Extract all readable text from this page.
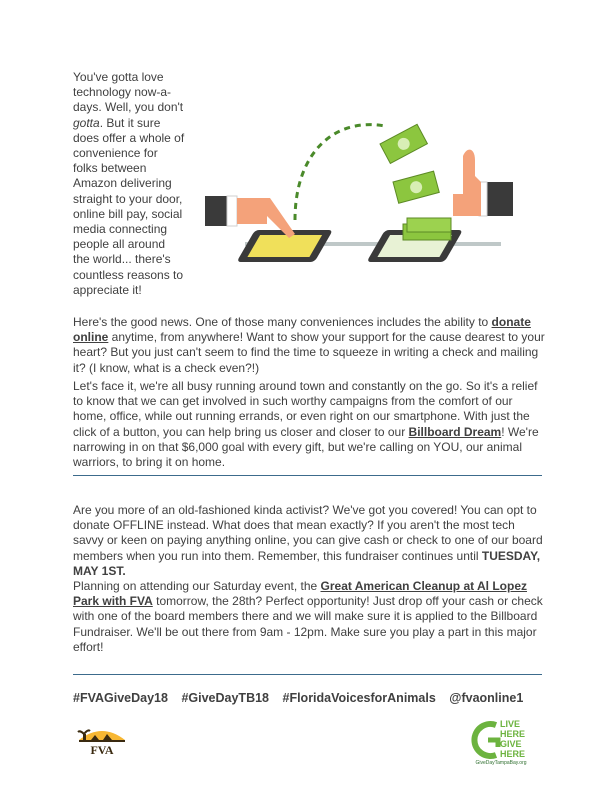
You've gotta love technology now-a-days. Well, you don't gotta. But it sure does offer a whole of convenience for folks between Amazon delivering straight to your door, online bill pay, social media connecting people all around the world... there's countless reasons to appreciate it!

Here's the good news. One of those many conveniences includes the ability to donate online anytime, from anywhere! Want to show your support for the cause dearest to your heart? But you just can't seem to find the time to squeeze in writing a check and mailing it? (I know, what is a check even?!)

Let's face it, we're all busy running around town and constantly on the go. So it's a relief to know that we can get involved in such worthy campaigns from the comfort of our home, office, while out running errands, or even right on our smartphone. With just the click of a button, you can help bring us closer and closer to our Billboard Dream! We're narrowing in on that $6,000 goal with every gift, but we're calling on YOU, our animal warriors, to bring it on home.

Are you more of an old-fashioned kinda activist? We've got you covered! You can opt to donate OFFLINE instead. What does that mean exactly? If you aren't the most tech savvy or keen on paying anything online, you can give cash or check to one of our board members when you run into them. Remember, this fundraiser continues until TUESDAY, MAY 1ST.

Planning on attending our Saturday event, the Great American Cleanup at Al Lopez Park with FVA tomorrow, the 28th? Perfect opportunity! Just drop off your cash or check with one of the board members there and we will make sure it is applied to the Billboard Fundraiser. We'll be out there from 9am - 12pm. Make sure you play a part in this major effort!

#FVAGiveDay18 #GiveDayTB18 #FloridaVoicesforAnimals @fvaonline1
FVA
LIVE
HERE
GIVE
HERE
GiveDayTampaBay.org
